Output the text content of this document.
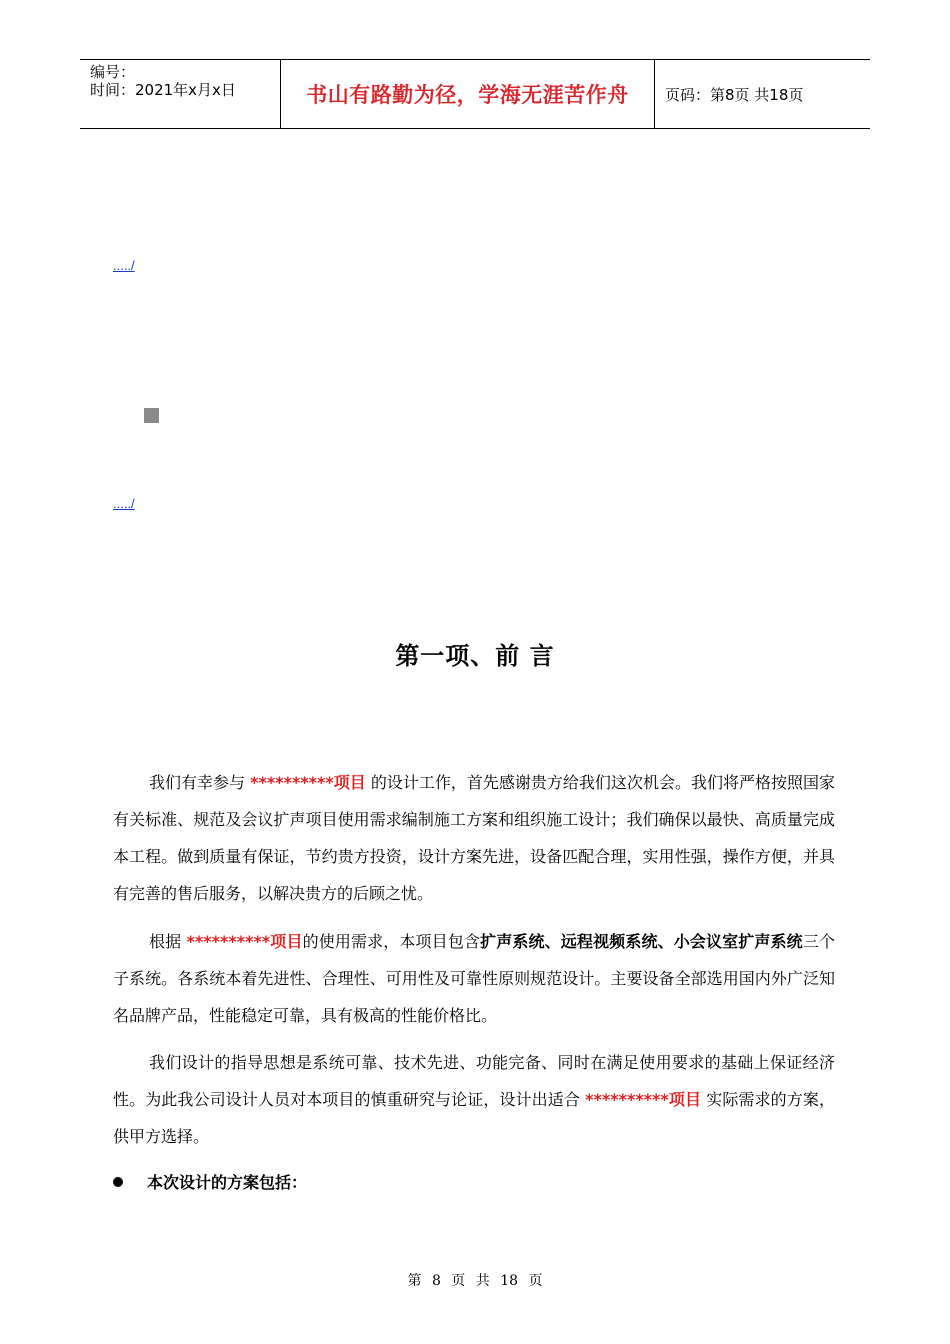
编号：
时间：2021年x月x日	书山有路勤为径，学海无涯苦作舟	页码：第8页 共18页
...../
...../
第一项、前 言

我们有幸参与 **********项目 的设计工作，首先感谢贵方给我们这次机会。我们将严格按照国家有关标准、规范及会议扩声项目使用需求编制施工方案和组织施工设计；我们确保以最快、高质量完成本工程。做到质量有保证，节约贵方投资，设计方案先进，设备匹配合理，实用性强，操作方便，并具有完善的售后服务，以解决贵方的后顾之忧。

根据 **********项目的使用需求，本项目包含扩声系统、远程视频系统、小会议室扩声系统三个子系统。各系统本着先进性、合理性、可用性及可靠性原则规范设计。主要设备全部选用国内外广泛知名品牌产品，性能稳定可靠，具有极高的性能价格比。

我们设计的指导思想是系统可靠、技术先进、功能完备、同时在满足使用要求的基础上保证经济性。为此我公司设计人员对本项目的慎重研究与论证，设计出适合 **********项目 实际需求的方案，供甲方选择。

本次设计的方案包括：
第 8 页 共 18 页
